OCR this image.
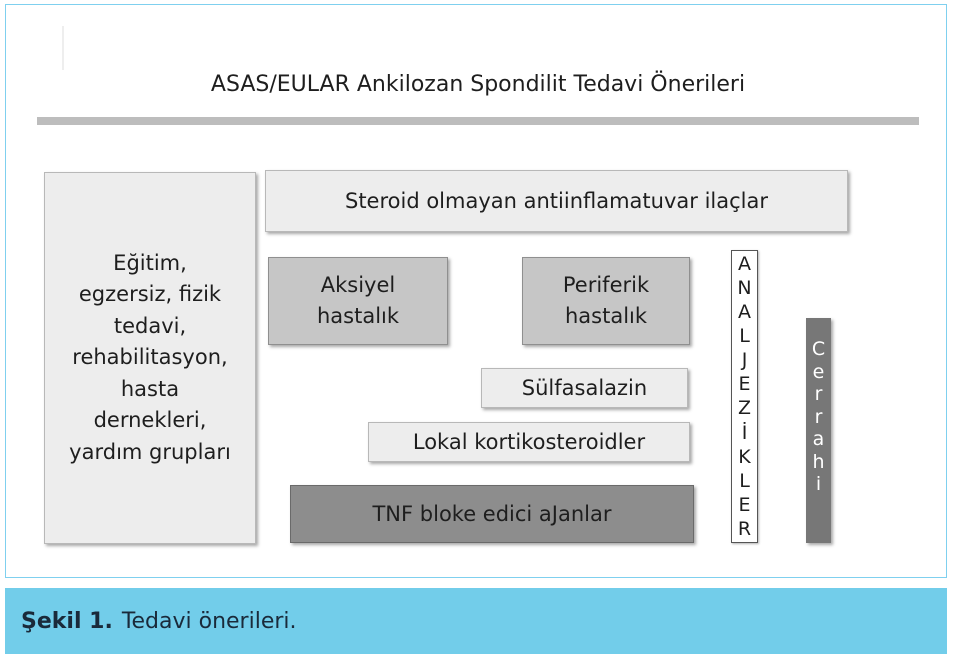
ASAS/EULAR Ankilozan Spondilit Tedavi Önerileri
Eğitim,
egzersiz, fizik
tedavi,
rehabilitasyon,
hasta
dernekleri,
yardım grupları
Steroid olmayan antiinflamatuvar ilaçlar
Aksiyel
hastalık
Periferik
hastalık
Sülfasalazin
Lokal kortikosteroidler
TNF bloke edici aJanlar
A
N
A
L
J
E
Z
İ
K
L
E
R
C
e
r
r
a
h
i
Şekil 1. Tedavi önerileri.
